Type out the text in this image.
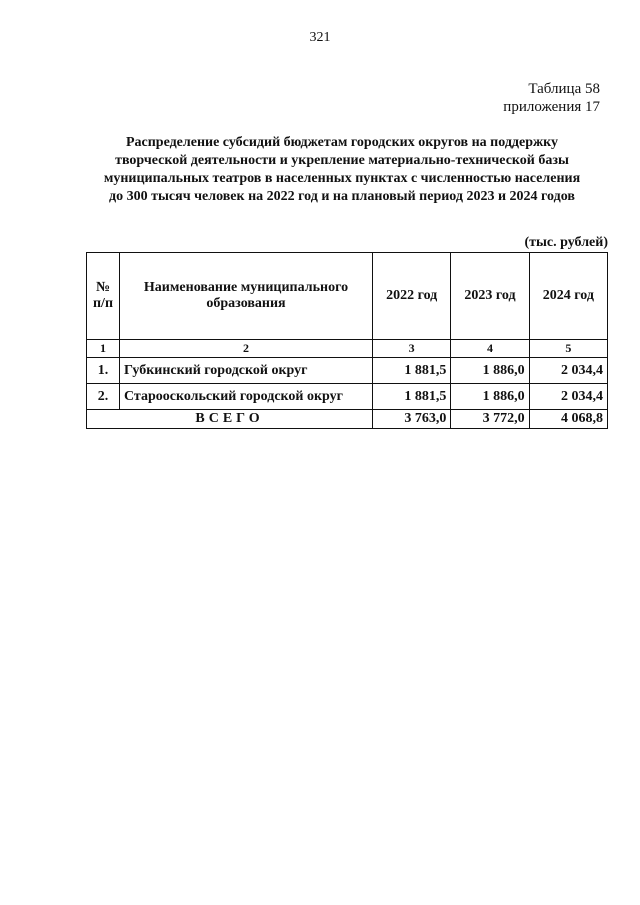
321
Таблица 58
приложения 17
Распределение субсидий бюджетам городских округов на поддержку
творческой деятельности и укрепление материально-технической базы
муниципальных театров в населенных пунктах с численностью населения
до 300 тысяч человек на 2022 год и на плановый период 2023 и 2024 годов
(тыс. рублей)
№ п/п	Наименование муниципального образования	2022 год	2023 год	2024 год
1	2	3	4	5
1.	Губкинский городской округ	1 881,5	1 886,0	2 034,4
2.	Старооскольский городской округ	1 881,5	1 886,0	2 034,4
ВСЕГО		3 763,0	3 772,0	4 068,8
